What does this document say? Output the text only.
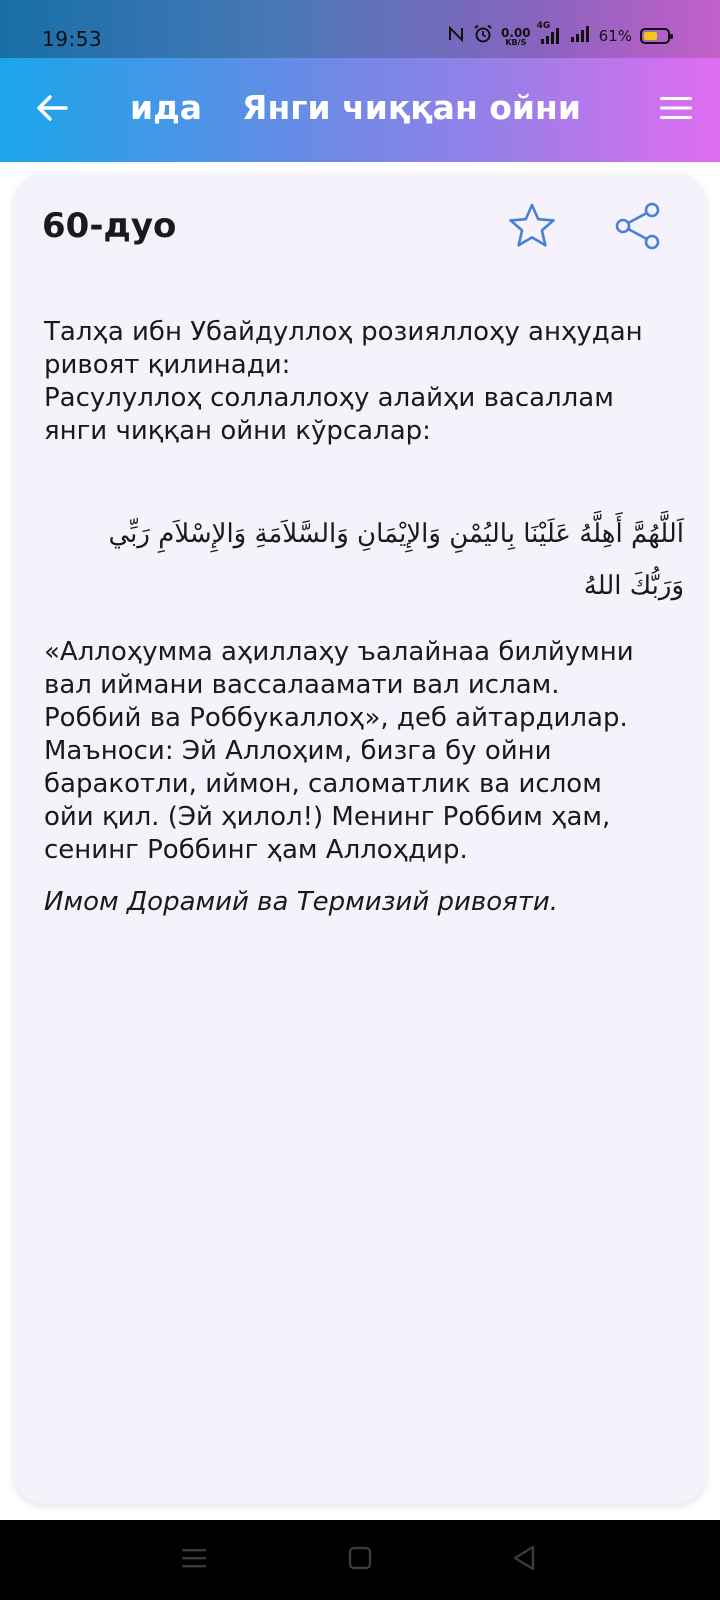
19:53	0.00
KB/S
4G
61%
ида Янги чиққан ойни
60-дуо
Талҳа ибн Убайдуллоҳ розияллоҳу анҳудан
ривоят қилинади:
Расулуллоҳ соллаллоҳу алайҳи васаллам
янги чиққан ойни кўрсалар:
اَللَّهُمَّ أَهِلَّهُ عَلَيْنَا بِاليُمْنِ وَالإِيْمَانِ وَالسَّلاَمَةِ وَالإِسْلاَمِ رَبِّي وَرَبُّكَ اللهُ
«Аллоҳумма аҳиллаҳу ъалайнаа билйумни
вал иймани вассалаамати вал ислам.
Роббий ва Роббукаллоҳ», деб айтардилар.
Маъноси: Эй Аллоҳим, бизга бу ойни
баракотли, иймон, саломатлик ва ислом
ойи қил. (Эй ҳилол!) Менинг Роббим ҳам,
сенинг Роббинг ҳам Аллоҳдир.
Имом Дорамий ва Термизий ривояти.
